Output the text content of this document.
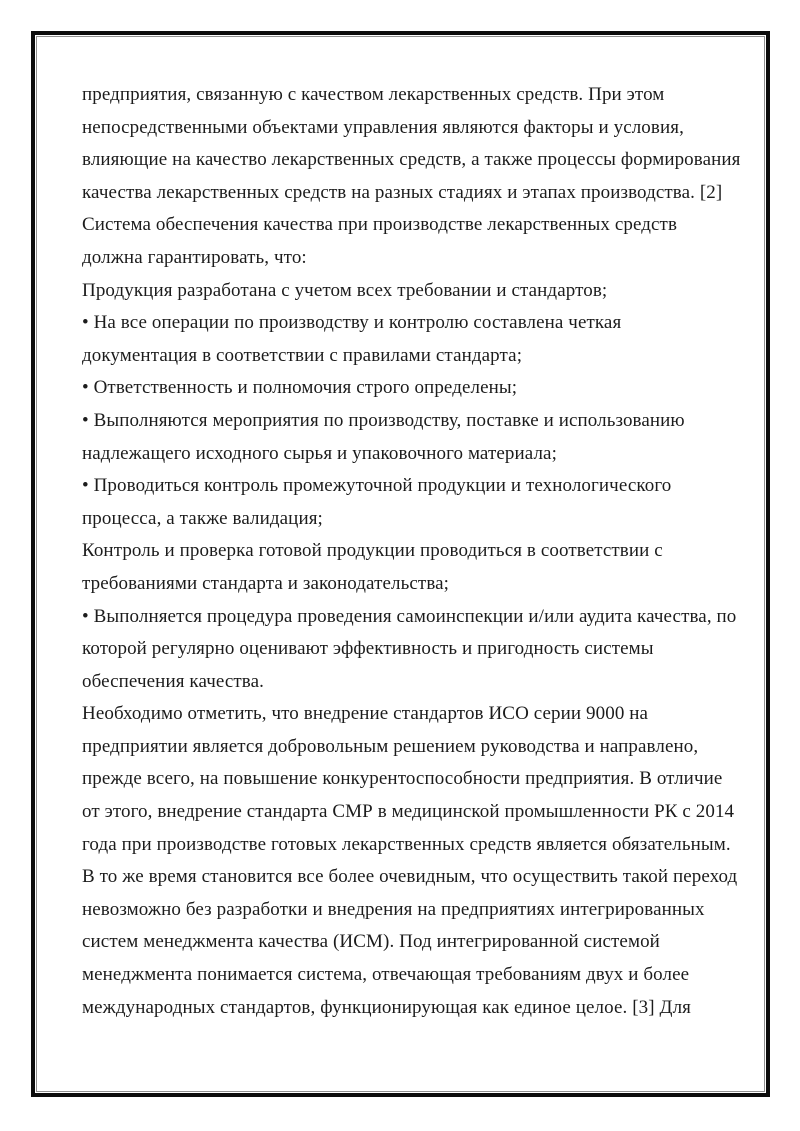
предприятия, связанную с качеством лекарственных средств. При этом
непосредственными объектами управления являются факторы и условия,
влияющие на качество лекарственных средств, а также процессы формирования
качества лекарственных средств на разных стадиях и этапах производства. [2]
Система обеспечения качества при производстве лекарственных средств
должна гарантировать, что:
Продукция разработана с учетом всех требовании и стандартов;
• На все операции по производству и контролю составлена четкая
документация в соответствии с правилами стандарта;
• Ответственность и полномочия строго определены;
• Выполняются мероприятия по производству, поставке и использованию
надлежащего исходного сырья и упаковочного материала;
• Проводиться контроль промежуточной продукции и технологического
процесса, а также валидация;
Контроль и проверка готовой продукции проводиться в соответствии с
требованиями стандарта и законодательства;
• Выполняется процедура проведения самоинспекции и/или аудита качества, по
которой регулярно оценивают эффективность и пригодность системы
обеспечения качества.
Необходимо отметить, что внедрение стандартов ИСО серии 9000 на
предприятии является добровольным решением руководства и направлено,
прежде всего, на повышение конкурентоспособности предприятия. В отличие
от этого, внедрение стандарта СМР в медицинской промышленности РК с 2014
года при производстве готовых лекарственных средств является обязательным.
В то же время становится все более очевидным, что осуществить такой переход
невозможно без разработки и внедрения на предприятиях интегрированных
систем менеджмента качества (ИСМ). Под интегрированной системой
менеджмента понимается система, отвечающая требованиям двух и более
международных стандартов, функционирующая как единое целое. [3] Для
